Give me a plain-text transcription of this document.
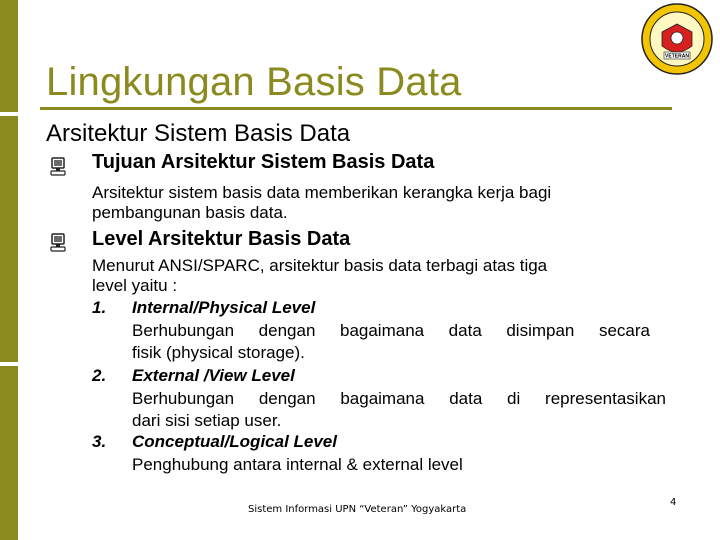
VETERAN
Lingkungan Basis Data
Arsitektur Sistem Basis Data
Tujuan Arsitektur Sistem Basis Data
Arsitektur sistem basis data memberikan kerangka kerja bagi
pembangunan basis data.
Level Arsitektur Basis Data
Menurut ANSI/SPARC, arsitektur basis data terbagi atas tiga
level yaitu :
1. Internal/Physical Level
Berhubungan dengan bagaimana data disimpan secara
fisik (physical storage).
2. External /View Level
Berhubungan dengan bagaimana data di representasikan
dari sisi setiap user.
3. Conceptual/Logical Level
Penghubung antara internal & external level
Sistem Informasi UPN “Veteran” Yogyakarta
4
